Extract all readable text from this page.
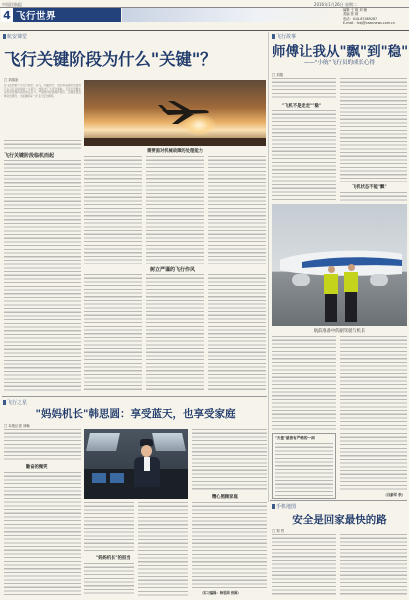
中国民航报	2016年1月26日 星期二
4 飞行世界
编辑 王 晓 刘 楠
美编 张 颖
电话：010-87489287
E-mail：fxsj@caacnews.com.cn
航安课堂
飞行关键阶段为什么"关键"？
□ 刘清泉
需要面对机械故障的处理能力
在飞机的整个运行过程中，起飞、初始爬升、进近和着陆阶段虽然只占飞行总时间的一小部分，却集中了大部分事故。飞行员需要在这些阶段保持高度的注意力，严格遵守标准操作程序，正确处置各种突发情况，才能确保每一次飞行安全顺利。
飞行关键阶段临机而起
树立严谨的飞行作风
飞行故事
师傅让我从"飘"到"稳"
——"小航"飞行员的成长心得
□ 刘超
"飞机不是走走""稳"
飞机状态不能"飘"
航前准备中的副驾驶与机长
"天使"慈善有严格的一面
（吕新军 供）
飞行之星
"妈妈机长"韩思圆：享受蓝天，也享受家庭
□ 本报记者 刘畅
勤奋的微笑
"妈妈机长"的担当
精心照顾家庭
（实习编辑：韩思圆 供图）
手机地图
安全是回家最快的路
□ 郑 哲
